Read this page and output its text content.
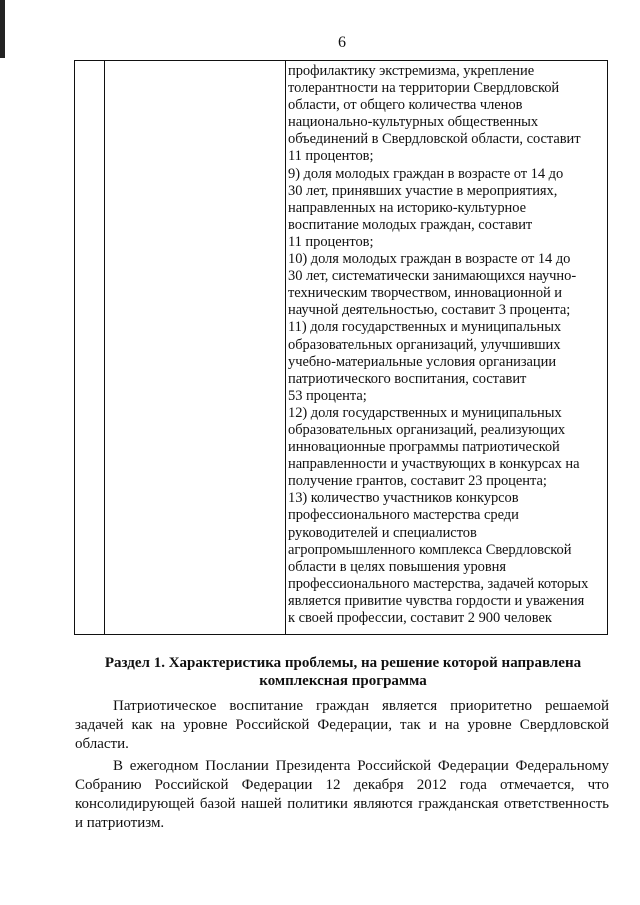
6
профилактику экстремизма, укрепление
толерантности на территории Свердловской
области, от общего количества членов
национально-культурных общественных
объединений в Свердловской области, составит
11 процентов;
9) доля молодых граждан в возрасте от 14 до
30 лет, принявших участие в мероприятиях,
направленных на историко-культурное
воспитание молодых граждан, составит
11 процентов;
10) доля молодых граждан в возрасте от 14 до
30 лет, систематически занимающихся научно-
техническим творчеством, инновационной и
научной деятельностью, составит 3 процента;
11) доля государственных и муниципальных
образовательных организаций, улучшивших
учебно-материальные условия организации
патриотического воспитания, составит
53 процента;
12) доля государственных и муниципальных
образовательных организаций, реализующих
инновационные программы патриотической
направленности и участвующих в конкурсах на
получение грантов, составит 23 процента;
13) количество участников конкурсов
профессионального мастерства среди
руководителей и специалистов
агропромышленного комплекса Свердловской
области в целях повышения уровня
профессионального мастерства, задачей которых
является привитие чувства гордости и уважения
к своей профессии, составит 2 900 человек
Раздел 1. Характеристика проблемы, на решение которой направлена
комплексная программа
Патриотическое воспитание граждан является приоритетно решаемой
задачей как на уровне Российской Федерации, так и на уровне Свердловской
области.
В ежегодном Послании Президента Российской Федерации Федеральному
Собранию Российской Федерации 12 декабря 2012 года отмечается, что
консолидирующей базой нашей политики являются гражданская ответственность
и патриотизм.
